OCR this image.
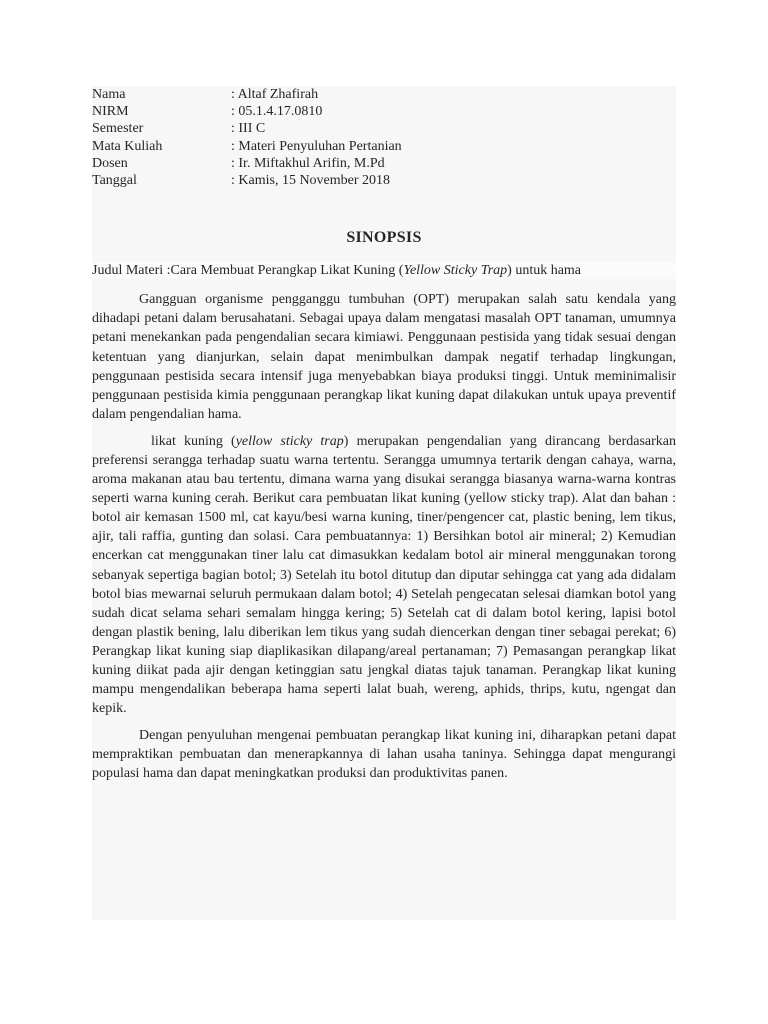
Nama	: Altaf Zhafirah
NIRM	: 05.1.4.17.0810
Semester	: III C
Mata Kuliah	: Materi Penyuluhan Pertanian
Dosen	: Ir. Miftakhul Arifin, M.Pd
Tanggal	: Kamis, 15 November 2018
SINOPSIS
Judul Materi :Cara Membuat Perangkap Likat Kuning (Yellow Sticky Trap) untuk hama

Gangguan organisme pengganggu tumbuhan (OPT) merupakan salah satu kendala yang dihadapi petani dalam berusahatani. Sebagai upaya dalam mengatasi masalah OPT tanaman, umumnya petani menekankan pada pengendalian secara kimiawi. Penggunaan pestisida yang tidak sesuai dengan ketentuan yang dianjurkan, selain dapat menimbulkan dampak negatif terhadap lingkungan, penggunaan pestisida secara intensif juga menyebabkan biaya produksi tinggi. Untuk meminimalisir penggunaan pestisida kimia penggunaan perangkap likat kuning dapat dilakukan untuk upaya preventif dalam pengendalian hama.

likat kuning (yellow sticky trap) merupakan pengendalian yang dirancang berdasarkan preferensi serangga terhadap suatu warna tertentu. Serangga umumnya tertarik dengan cahaya, warna, aroma makanan atau bau tertentu, dimana warna yang disukai serangga biasanya warna-warna kontras seperti warna kuning cerah. Berikut cara pembuatan likat kuning (yellow sticky trap). Alat dan bahan : botol air kemasan 1500 ml, cat kayu/besi warna kuning, tiner/pengencer cat, plastic bening, lem tikus, ajir, tali raffia, gunting dan solasi. Cara pembuatannya: 1) Bersihkan botol air mineral; 2) Kemudian encerkan cat menggunakan tiner lalu cat dimasukkan kedalam botol air mineral menggunakan torong sebanyak sepertiga bagian botol; 3) Setelah itu botol ditutup dan diputar sehingga cat yang ada didalam botol bias mewarnai seluruh permukaan dalam botol; 4) Setelah pengecatan selesai diamkan botol yang sudah dicat selama sehari semalam hingga kering; 5) Setelah cat di dalam botol kering, lapisi botol dengan plastik bening, lalu diberikan lem tikus yang sudah diencerkan dengan tiner sebagai perekat; 6) Perangkap likat kuning siap diaplikasikan dilapang/areal pertanaman; 7) Pemasangan perangkap likat kuning diikat pada ajir dengan ketinggian satu jengkal diatas tajuk tanaman. Perangkap likat kuning mampu mengendalikan beberapa hama seperti lalat buah, wereng, aphids, thrips, kutu, ngengat dan kepik.

Dengan penyuluhan mengenai pembuatan perangkap likat kuning ini, diharapkan petani dapat mempraktikan pembuatan dan menerapkannya di lahan usaha taninya. Sehingga dapat mengurangi populasi hama dan dapat meningkatkan produksi dan produktivitas panen.
